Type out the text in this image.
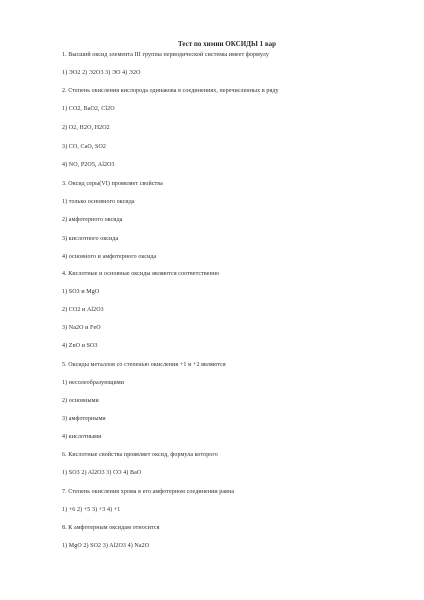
Тест по химии ОКСИДЫ 1 вар
1. Высший оксид элемента III группы периодической системы имеет формулу
1) ЭО2 2) Э2О3 3) ЭО 4) Э2О
2. Степень окисления кислорода одинакова в соединениях, перечисленных в ряду
1) СО2, BaO2, Cl2O
2) O2, H2O, H2O2
3) CO, CaO, SO2
4) NO, P2O5, Al2O3
3. Оксид серы(VI) проявляет свойства
1) только основного оксида
2) амфотерного оксида
3) кислотного оксида
4) основного и амфотерного оксида
4. Кислотные и основные оксиды являются соответственно
1) SO3 и MgO
2) CO2 и Al2O3
3) Na2O и FeO
4) ZnO и SO3
5. Оксиды металлов со степенью окисления +1 и +2 являются
1) несолеобразующими
2) основными
3) амфотерными
4) кислотными
6. Кислотные свойства проявляет оксид, формула которого
1) SO3 2) Al2O3 3) CO 4) BaO
7. Степень окисления хрома в его амфотерном соединении равна
1) +6 2) +5 3) +3 4) +1
8. К амфотерным оксидам относится
1) MgO 2) SO2 3) Al2O3 4) Na2O
